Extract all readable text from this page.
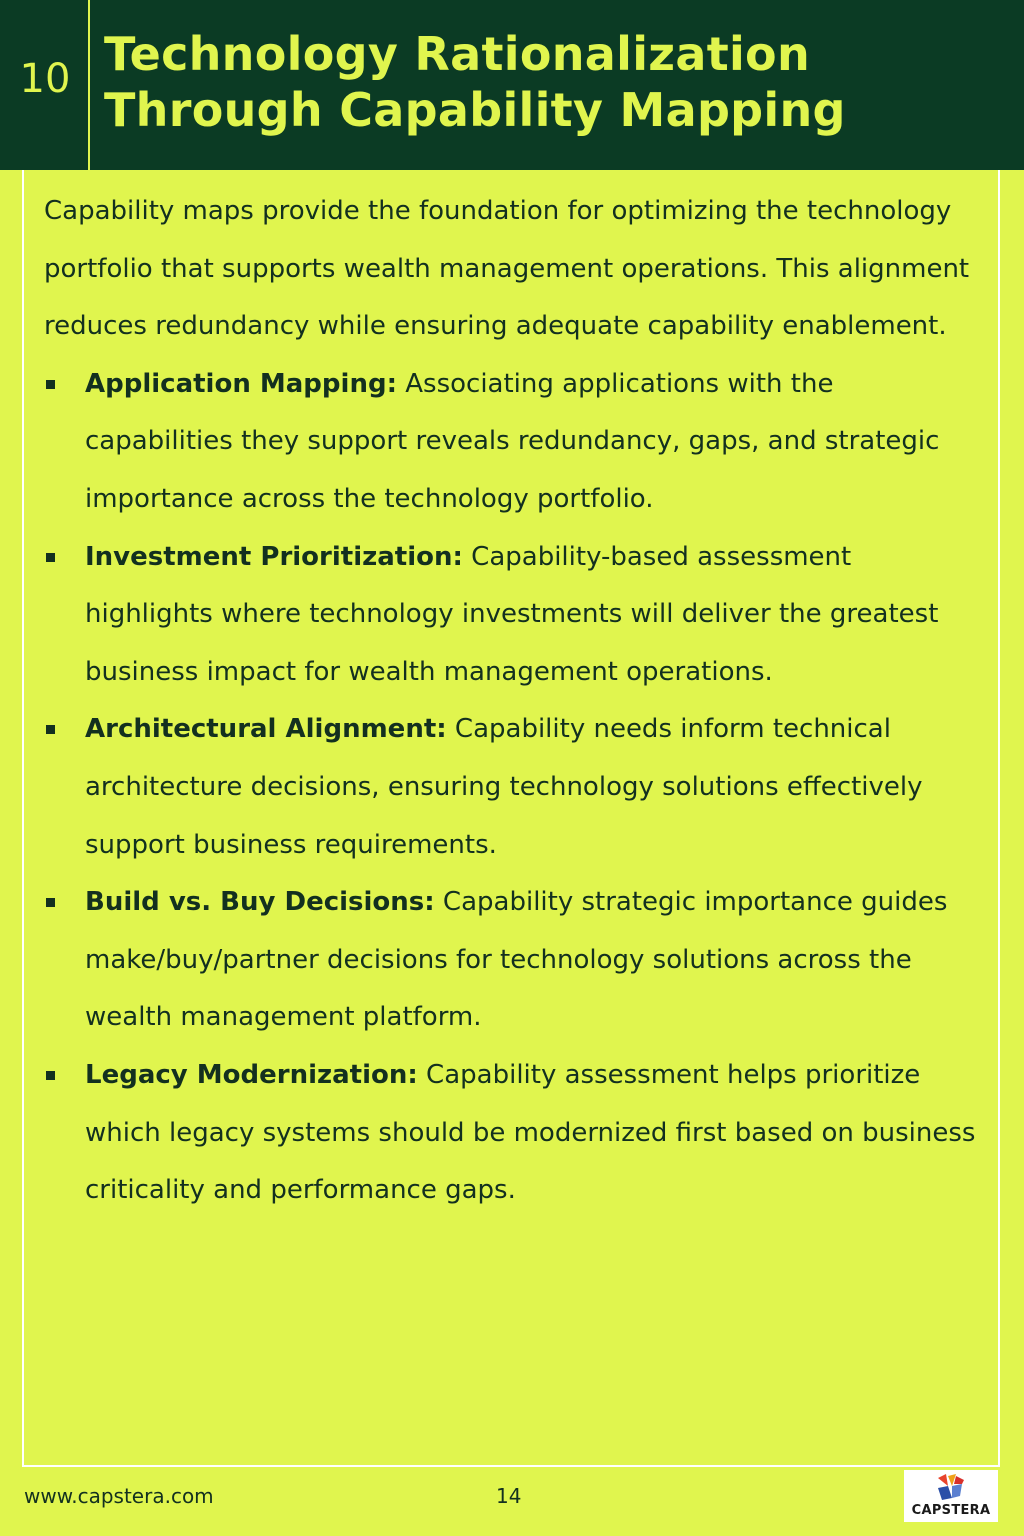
10 Technology Rationalization Through Capability Mapping

Capability maps provide the foundation for optimizing the technology portfolio that supports wealth management operations. This alignment reduces redundancy while ensuring adequate capability enablement.

Application Mapping: Associating applications with the capabilities they support reveals redundancy, gaps, and strategic importance across the technology portfolio.
Investment Prioritization: Capability-based assessment highlights where technology investments will deliver the greatest business impact for wealth management operations.
Architectural Alignment: Capability needs inform technical architecture decisions, ensuring technology solutions effectively support business requirements.
Build vs. Buy Decisions: Capability strategic importance guides make/buy/partner decisions for technology solutions across the wealth management platform.
Legacy Modernization: Capability assessment helps prioritize which legacy systems should be modernized first based on business criticality and performance gaps.
www.capstera.com	14
CAPSTERA
